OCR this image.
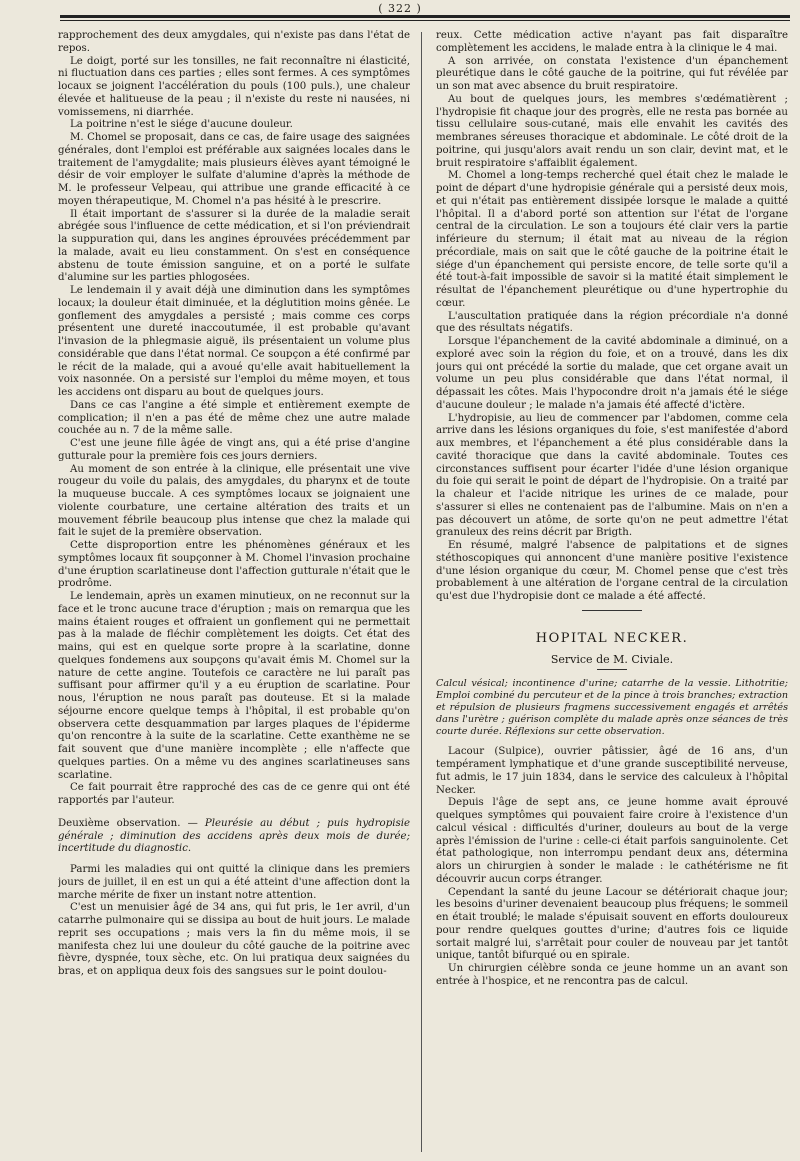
( 322 )

rapprochement des deux amygdales, qui n'existe pas dans l'état de repos.

Le doigt, porté sur les tonsilles, ne fait reconnaître ni élasticité, ni fluctuation dans ces parties ; elles sont fermes. A ces symptômes locaux se joignent l'accélération du pouls (100 puls.), une chaleur élevée et halitueuse de la peau ; il n'existe du reste ni nausées, ni vomissemens, ni diarrhée.

La poitrine n'est le siége d'aucune douleur.

M. Chomel se proposait, dans ce cas, de faire usage des saignées générales, dont l'emploi est préférable aux saignées locales dans le traitement de l'amygdalite; mais plusieurs élèves ayant témoigné le désir de voir employer le sulfate d'alumine d'après la méthode de M. le professeur Velpeau, qui attribue une grande efficacité à ce moyen thérapeutique, M. Chomel n'a pas hésité à le prescrire.

Il était important de s'assurer si la durée de la maladie serait abrégée sous l'influence de cette médication, et si l'on préviendrait la suppuration qui, dans les angines éprouvées précédemment par la malade, avait eu lieu constamment. On s'est en conséquence abstenu de toute émission sanguine, et on a porté le sulfate d'alumine sur les parties phlogosées.

Le lendemain il y avait déjà une diminution dans les symptômes locaux; la douleur était diminuée, et la déglutition moins gênée. Le gonflement des amygdales a persisté ; mais comme ces corps présentent une dureté inaccoutumée, il est probable qu'avant l'invasion de la phlegmasie aiguë, ils présentaient un volume plus considérable que dans l'état normal. Ce soupçon a été confirmé par le récit de la malade, qui a avoué qu'elle avait habituellement la voix nasonnée. On a persisté sur l'emploi du même moyen, et tous les accidens ont disparu au bout de quelques jours.

Dans ce cas l'angine a été simple et entièrement exempte de complication; il n'en a pas été de même chez une autre malade couchée au n. 7 de la même salle.

C'est une jeune fille âgée de vingt ans, qui a été prise d'angine gutturale pour la première fois ces jours derniers.

Au moment de son entrée à la clinique, elle présentait une vive rougeur du voile du palais, des amygdales, du pharynx et de toute la muqueuse buccale. A ces symptômes locaux se joignaient une violente courbature, une certaine altération des traits et un mouvement fébrile beaucoup plus intense que chez la malade qui fait le sujet de la première observation.

Cette disproportion entre les phénomènes généraux et les symptômes locaux fit soupçonner à M. Chomel l'invasion prochaine d'une éruption scarlatineuse dont l'affection gutturale n'était que le prodrôme.

Le lendemain, après un examen minutieux, on ne reconnut sur la face et le tronc aucune trace d'éruption ; mais on remarqua que les mains étaient rouges et offraient un gonflement qui ne permettait pas à la malade de fléchir complètement les doigts. Cet état des mains, qui est en quelque sorte propre à la scarlatine, donne quelques fondemens aux soupçons qu'avait émis M. Chomel sur la nature de cette angine. Toutefois ce caractère ne lui paraît pas suffisant pour affirmer qu'il y a eu éruption de scarlatine. Pour nous, l'éruption ne nous paraît pas douteuse. Et si la malade séjourne encore quelque temps à l'hôpital, il est probable qu'on observera cette desquammation par larges plaques de l'épiderme qu'on rencontre à la suite de la scarlatine. Cette exanthème ne se fait souvent que d'une manière incomplète ; elle n'affecte que quelques parties. On a même vu des angines scarlatineuses sans scarlatine.

Ce fait pourrait être rapproché des cas de ce genre qui ont été rapportés par l'auteur.

Deuxième observation. — Pleurésie au début ; puis hydropisie générale ; diminution des accidens après deux mois de durée; incertitude du diagnostic.

Parmi les maladies qui ont quitté la clinique dans les premiers jours de juillet, il en est un qui a été atteint d'une affection dont la marche mérite de fixer un instant notre attention.

C'est un menuisier âgé de 34 ans, qui fut pris, le 1er avril, d'un catarrhe pulmonaire qui se dissipa au bout de huit jours. Le malade reprit ses occupations ; mais vers la fin du même mois, il se manifesta chez lui une douleur du côté gauche de la poitrine avec fièvre, dyspnée, toux sèche, etc. On lui pratiqua deux saignées du bras, et on appliqua deux fois des sangsues sur le point doulou-

reux. Cette médication active n'ayant pas fait disparaître complètement les accidens, le malade entra à la clinique le 4 mai.

A son arrivée, on constata l'existence d'un épanchement pleurétique dans le côté gauche de la poitrine, qui fut révélée par un son mat avec absence du bruit respiratoire.

Au bout de quelques jours, les membres s'œdématièrent ; l'hydropisie fit chaque jour des progrès, elle ne resta pas bornée au tissu cellulaire sous-cutané, mais elle envahit les cavités des membranes séreuses thoracique et abdominale. Le côté droit de la poitrine, qui jusqu'alors avait rendu un son clair, devint mat, et le bruit respiratoire s'affaiblit également.

M. Chomel a long-temps recherché quel était chez le malade le point de départ d'une hydropisie générale qui a persisté deux mois, et qui n'était pas entièrement dissipée lorsque le malade a quitté l'hôpital. Il a d'abord porté son attention sur l'état de l'organe central de la circulation. Le son a toujours été clair vers la partie inférieure du sternum; il était mat au niveau de la région précordiale, mais on sait que le côté gauche de la poitrine était le siége d'un épanchement qui persiste encore, de telle sorte qu'il a été tout-à-fait impossible de savoir si la matité était simplement le résultat de l'épanchement pleurétique ou d'une hypertrophie du cœur.

L'auscultation pratiquée dans la région précordiale n'a donné que des résultats négatifs.

Lorsque l'épanchement de la cavité abdominale a diminué, on a exploré avec soin la région du foie, et on a trouvé, dans les dix jours qui ont précédé la sortie du malade, que cet organe avait un volume un peu plus considérable que dans l'état normal, il dépassait les côtes. Mais l'hypocondre droit n'a jamais été le siége d'aucune douleur ; le malade n'a jamais été affecté d'ictère.

L'hydropisie, au lieu de commencer par l'abdomen, comme cela arrive dans les lésions organiques du foie, s'est manifestée d'abord aux membres, et l'épanchement a été plus considérable dans la cavité thoracique que dans la cavité abdominale. Toutes ces circonstances suffisent pour écarter l'idée d'une lésion organique du foie qui serait le point de départ de l'hydropisie. On a traité par la chaleur et l'acide nitrique les urines de ce malade, pour s'assurer si elles ne contenaient pas de l'albumine. Mais on n'en a pas découvert un atôme, de sorte qu'on ne peut admettre l'état granuleux des reins décrit par Brigth.

En résumé, malgré l'absence de palpitations et de signes stéthoscopiques qui annoncent d'une manière positive l'existence d'une lésion organique du cœur, M. Chomel pense que c'est très probablement à une altération de l'organe central de la circulation qu'est due l'hydropisie dont ce malade a été affecté.

HOPITAL NECKER.

Service de M. Civiale.

Calcul vésical; incontinence d'urine; catarrhe de la vessie. Lithotritie; Emploi combiné du percuteur et de la pince à trois branches; extraction et répulsion de plusieurs fragmens successivement engagés et arrêtés dans l'urètre ; guérison complète du malade après onze séances de très courte durée. Réflexions sur cette observation.

Lacour (Sulpice), ouvrier pâtissier, âgé de 16 ans, d'un tempérament lymphatique et d'une grande susceptibilité nerveuse, fut admis, le 17 juin 1834, dans le service des calculeux à l'hôpital Necker.

Depuis l'âge de sept ans, ce jeune homme avait éprouvé quelques symptômes qui pouvaient faire croire à l'existence d'un calcul vésical : difficultés d'uriner, douleurs au bout de la verge après l'émission de l'urine : celle-ci était parfois sanguinolente. Cet état pathologique, non interrompu pendant deux ans, détermina alors un chirurgien à sonder le malade : le cathétérisme ne fit découvrir aucun corps étranger.

Cependant la santé du jeune Lacour se détériorait chaque jour; les besoins d'uriner devenaient beaucoup plus fréquens; le sommeil en était troublé; le malade s'épuisait souvent en efforts douloureux pour rendre quelques gouttes d'urine; d'autres fois ce liquide sortait malgré lui, s'arrêtait pour couler de nouveau par jet tantôt unique, tantôt bifurqué ou en spirale.

Un chirurgien célèbre sonda ce jeune homme un an avant son entrée à l'hospice, et ne rencontra pas de calcul.
